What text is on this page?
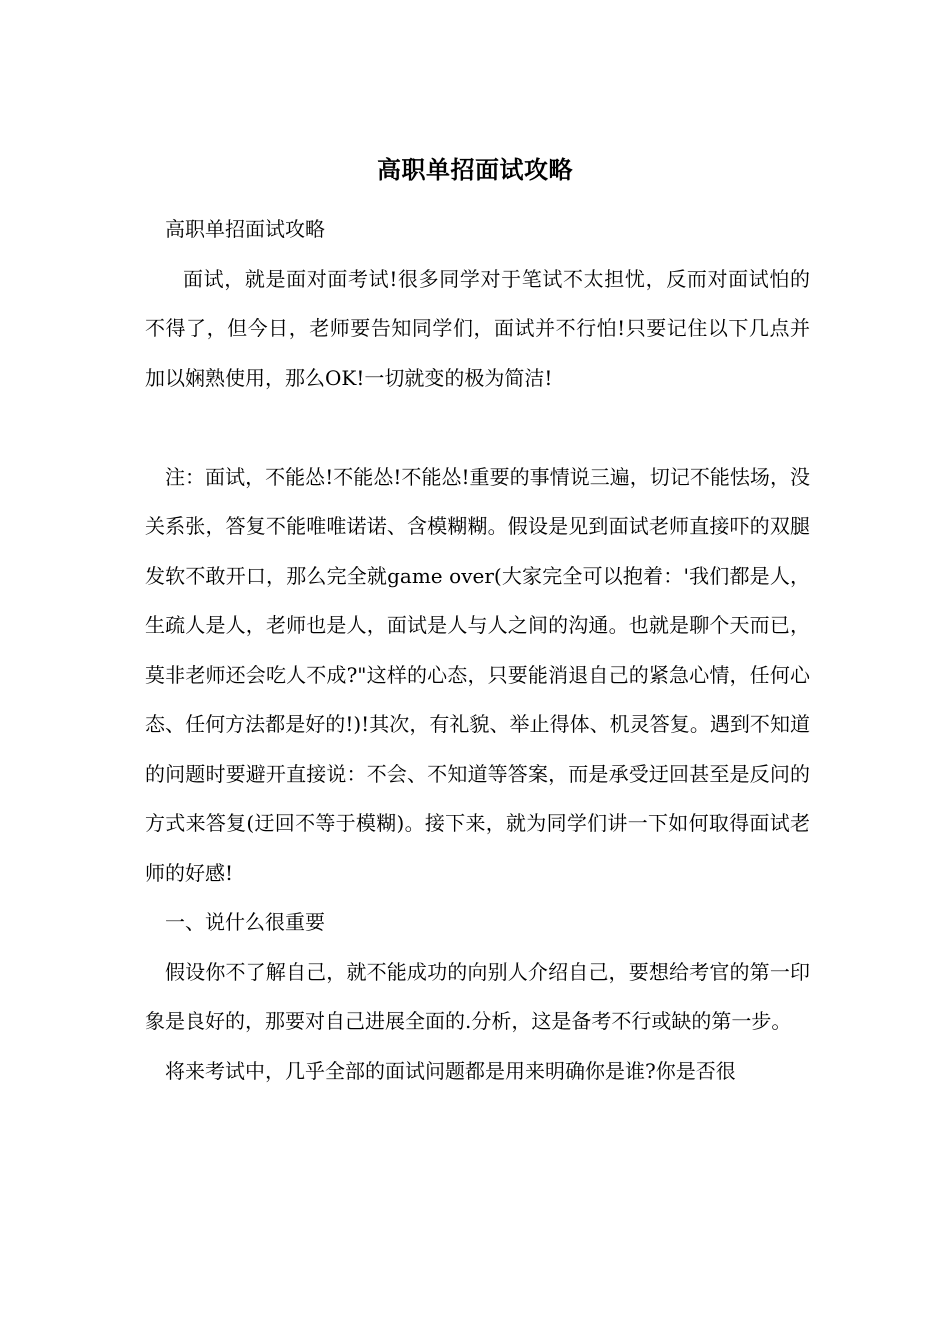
高职单招面试攻略

高职单招面试攻略

面试，就是面对面考试!很多同学对于笔试不太担忧，反而对面试怕的不得了，但今日，老师要告知同学们，面试并不行怕!只要记住以下几点并加以娴熟使用，那么OK!一切就变的极为简洁!

注：面试，不能怂!不能怂!不能怂!重要的事情说三遍，切记不能怯场，没关系张，答复不能唯唯诺诺、含模糊糊。假设是见到面试老师直接吓的双腿发软不敢开口，那么完全就game over(大家完全可以抱着：'我们都是人，生疏人是人，老师也是人，面试是人与人之间的沟通。也就是聊个天而已，莫非老师还会吃人不成?"这样的心态，只要能消退自己的紧急心情，任何心态、任何方法都是好的!)!其次，有礼貌、举止得体、机灵答复。遇到不知道的问题时要避开直接说：不会、不知道等答案，而是承受迂回甚至是反问的方式来答复(迂回不等于模糊)。接下来，就为同学们讲一下如何取得面试老师的好感!

一、说什么很重要

假设你不了解自己，就不能成功的向别人介绍自己，要想给考官的第一印象是良好的，那要对自己进展全面的.分析，这是备考不行或缺的第一步。

将来考试中，几乎全部的面试问题都是用来明确你是谁?你是否很
